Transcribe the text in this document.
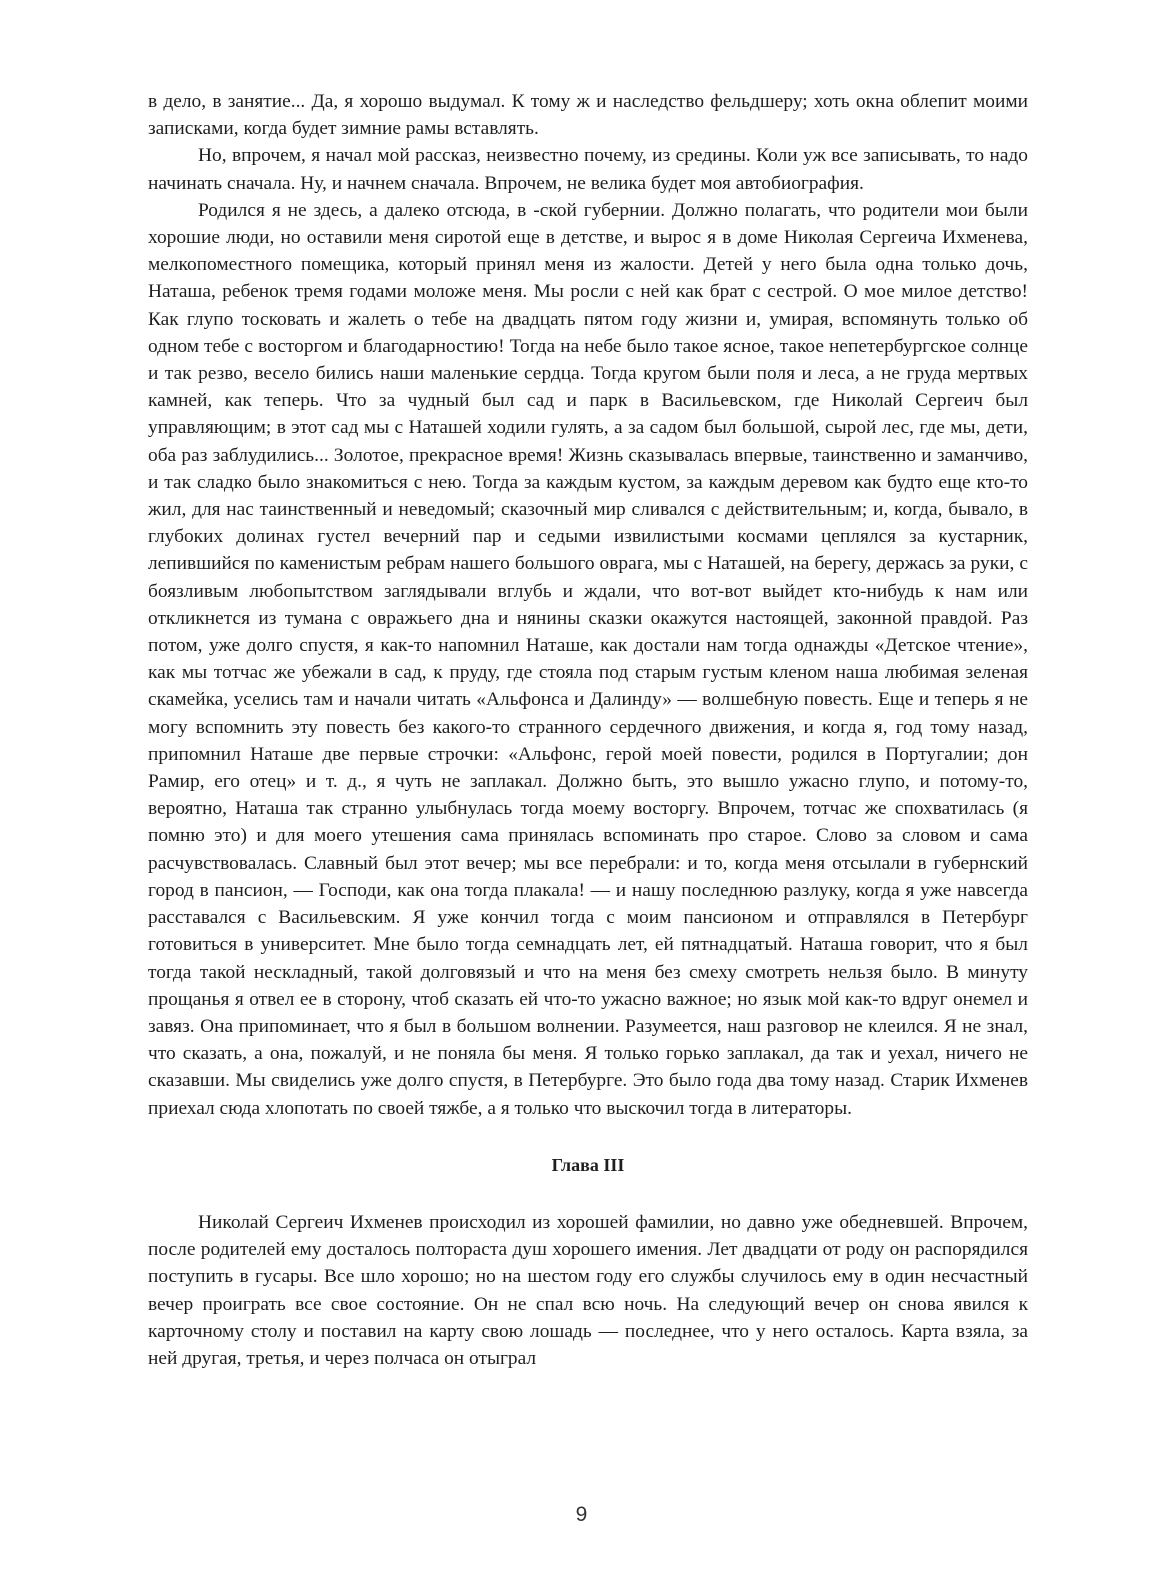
в дело, в занятие... Да, я хорошо выдумал. К тому ж и наследство фельдшеру; хоть окна облепит моими записками, когда будет зимние рамы вставлять.

Но, впрочем, я начал мой рассказ, неизвестно почему, из средины. Коли уж все записывать, то надо начинать сначала. Ну, и начнем сначала. Впрочем, не велика будет моя автобиография.

Родился я не здесь, а далеко отсюда, в -ской губернии. Должно полагать, что родители мои были хорошие люди, но оставили меня сиротой еще в детстве, и вырос я в доме Николая Сергеича Ихменева, мелкопоместного помещика, который принял меня из жалости. Детей у него была одна только дочь, Наташа, ребенок тремя годами моложе меня. Мы росли с ней как брат с сестрой. О мое милое детство! Как глупо тосковать и жалеть о тебе на двадцать пятом году жизни и, умирая, вспомянуть только об одном тебе с восторгом и благодарностию! Тогда на небе было такое ясное, такое непетербургское солнце и так резво, весело бились наши маленькие сердца. Тогда кругом были поля и леса, а не груда мертвых камней, как теперь. Что за чудный был сад и парк в Васильевском, где Николай Сергеич был управляющим; в этот сад мы с Наташей ходили гулять, а за садом был большой, сырой лес, где мы, дети, оба раз заблудились... Золотое, прекрасное время! Жизнь сказывалась впервые, таинственно и заманчиво, и так сладко было знакомиться с нею. Тогда за каждым кустом, за каждым деревом как будто еще кто-то жил, для нас таинственный и неведомый; сказочный мир сливался с действительным; и, когда, бывало, в глубоких долинах густел вечерний пар и седыми извилистыми космами цеплялся за кустарник, лепившийся по каменистым ребрам нашего большого оврага, мы с Наташей, на берегу, держась за руки, с боязливым любопытством заглядывали вглубь и ждали, что вот-вот выйдет кто-нибудь к нам или откликнется из тумана с овражьего дна и нянины сказки окажутся настоящей, законной правдой. Раз потом, уже долго спустя, я как-то напомнил Наташе, как достали нам тогда однажды «Детское чтение», как мы тотчас же убежали в сад, к пруду, где стояла под старым густым кленом наша любимая зеленая скамейка, уселись там и начали читать «Альфонса и Далинду» — волшебную повесть. Еще и теперь я не могу вспомнить эту повесть без какого-то странного сердечного движения, и когда я, год тому назад, припомнил Наташе две первые строчки: «Альфонс, герой моей повести, родился в Португалии; дон Рамир, его отец» и т. д., я чуть не заплакал. Должно быть, это вышло ужасно глупо, и потому-то, вероятно, Наташа так странно улыбнулась тогда моему восторгу. Впрочем, тотчас же спохватилась (я помню это) и для моего утешения сама принялась вспоминать про старое. Слово за словом и сама расчувствовалась. Славный был этот вечер; мы все перебрали: и то, когда меня отсылали в губернский город в пансион, — Господи, как она тогда плакала! — и нашу последнюю разлуку, когда я уже навсегда расставался с Васильевским. Я уже кончил тогда с моим пансионом и отправлялся в Петербург готовиться в университет. Мне было тогда семнадцать лет, ей пятнадцатый. Наташа говорит, что я был тогда такой нескладный, такой долговязый и что на меня без смеху смотреть нельзя было. В минуту прощанья я отвел ее в сторону, чтоб сказать ей что-то ужасно важное; но язык мой как-то вдруг онемел и завяз. Она припоминает, что я был в большом волнении. Разумеется, наш разговор не клеился. Я не знал, что сказать, а она, пожалуй, и не поняла бы меня. Я только горько заплакал, да так и уехал, ничего не сказавши. Мы свиделись уже долго спустя, в Петербурге. Это было года два тому назад. Старик Ихменев приехал сюда хлопотать по своей тяжбе, а я только что выскочил тогда в литераторы.

Глава III

Николай Сергеич Ихменев происходил из хорошей фамилии, но давно уже обедневшей. Впрочем, после родителей ему досталось полтораста душ хорошего имения. Лет двадцати от роду он распорядился поступить в гусары. Все шло хорошо; но на шестом году его службы случилось ему в один несчастный вечер проиграть все свое состояние. Он не спал всю ночь. На следующий вечер он снова явился к карточному столу и поставил на карту свою лошадь — последнее, что у него осталось. Карта взяла, за ней другая, третья, и через полчаса он отыграл

9
